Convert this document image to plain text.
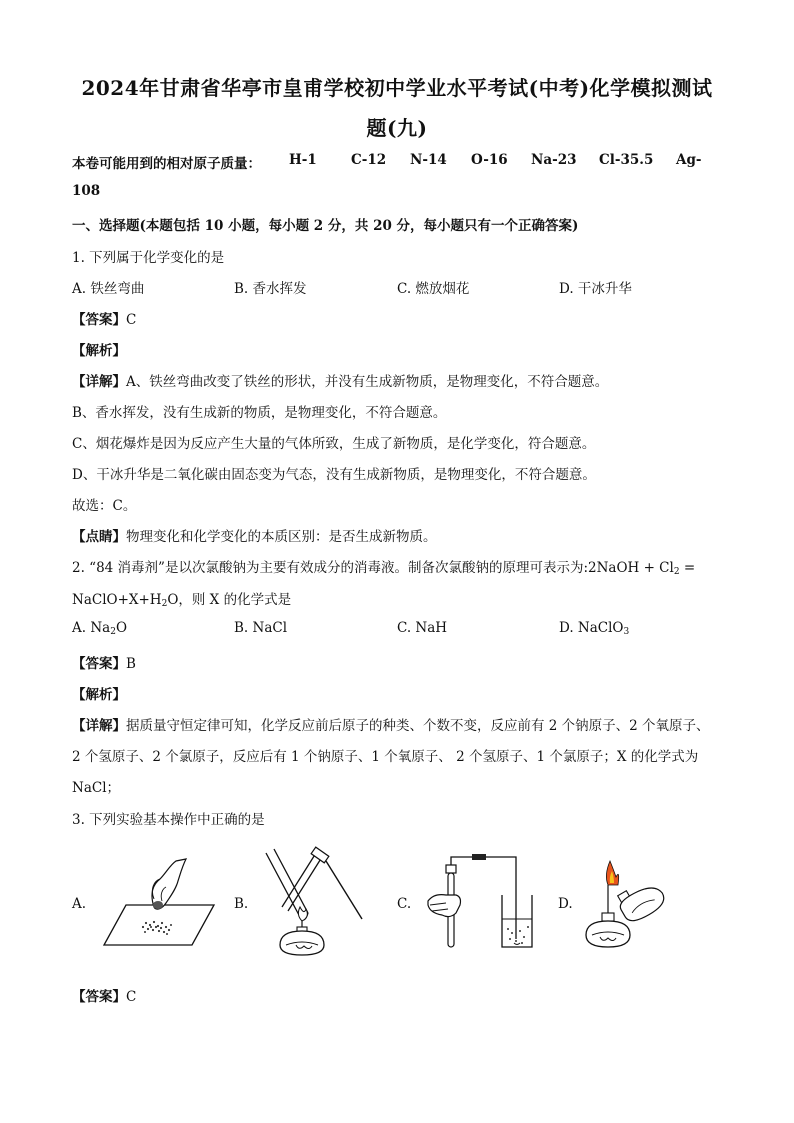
2024年甘肃省华亭市皇甫学校初中学业水平考试(中考)化学模拟测试
题(九)
本卷可能用到的相对原子质量： H-1	C-12 N-14 O-16 Na-23 Cl-35.5 Ag-
108
一、选择题(本题包括 10 小题，每小题 2 分，共 20 分，每小题只有一个正确答案)
1. 下列属于化学变化的是
A. 铁丝弯曲	B. 香水挥发	C. 燃放烟花	D. 干冰升华
【答案】C
【解析】
【详解】A、铁丝弯曲改变了铁丝的形状，并没有生成新物质，是物理变化，不符合题意。
B、香水挥发，没有生成新的物质，是物理变化，不符合题意。
C、烟花爆炸是因为反应产生大量的气体所致，生成了新物质，是化学变化，符合题意。
D、干冰升华是二氧化碳由固态变为气态，没有生成新物质，是物理变化，不符合题意。
故选：C。
【点睛】物理变化和化学变化的本质区别：是否生成新物质。
2. “84 消毒剂”是以次氯酸钠为主要有效成分的消毒液。制备次氯酸钠的原理可表示为:2NaOH + $Cl_2$ =
$NaClO+X+H_2O$，则 X 的化学式是
A. $Na_2O$	B. NaCl	C. NaH	D. NaClO$_3$
【答案】B
【解析】
【详解】据质量守恒定律可知，化学反应前后原子的种类、个数不变，反应前有 2 个钠原子、2 个氧原子、
2 个氢原子、2 个氯原子，反应后有 1 个钠原子、1 个氧原子、 2 个氢原子、1 个氯原子；X 的化学式为
NaCl；
3. 下列实验基本操作中正确的是
A.	B.	C.	D.
【答案】C
